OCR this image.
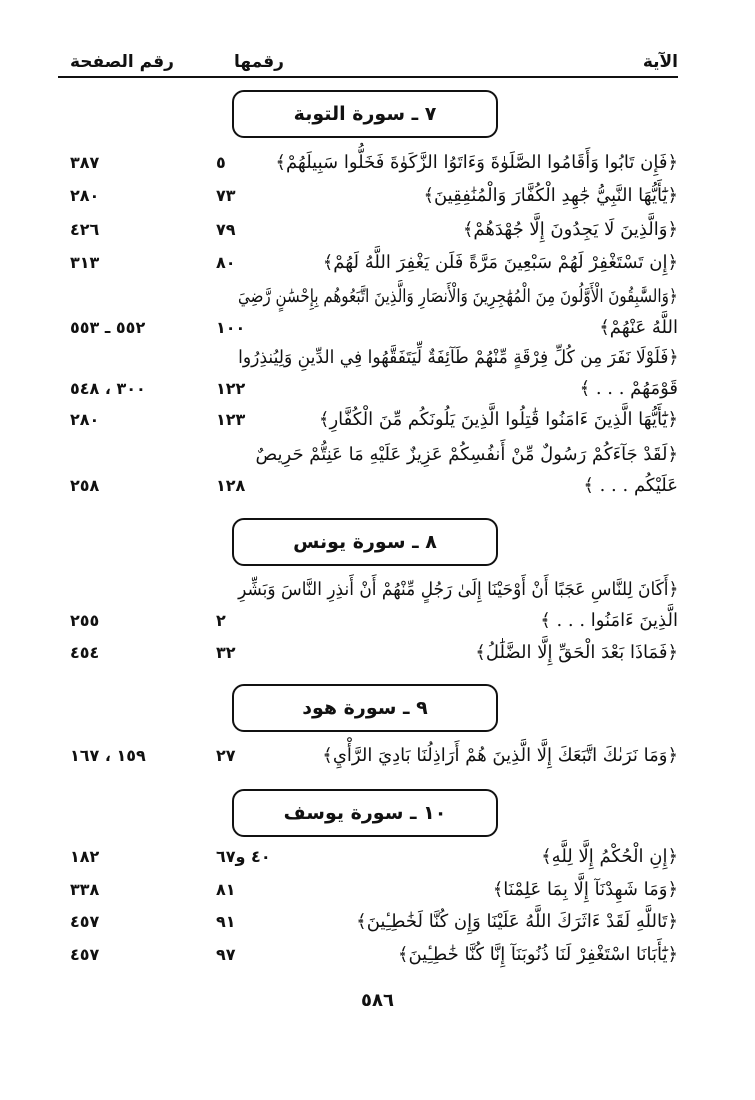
الآية
رقمها
رقم الصفحة
٧ ـ سورة التوبة
﴿فَإِن تَابُوا وَأَقَامُوا الصَّلَوٰةَ وَءَاتَوُا الزَّكَوٰةَ فَخَلُّوا سَبِيلَهُمْ﴾
٥
٣٨٧
﴿يَٰٓأَيُّهَا النَّبِيُّ جَٰهِدِ الْكُفَّارَ وَالْمُنَٰفِقِينَ﴾
٧٣
٢٨٠
﴿وَالَّذِينَ لَا يَجِدُونَ إِلَّا جُهْدَهُمْ﴾
٧٩
٤٢٦
﴿إِن تَسْتَغْفِرْ لَهُمْ سَبْعِينَ مَرَّةً فَلَن يَغْفِرَ اللَّهُ لَهُمْ﴾
٨٠
٣١٣
﴿وَالسَّٰبِقُونَ الْأَوَّلُونَ مِنَ الْمُهَٰجِرِينَ وَالْأَنصَارِ وَالَّذِينَ اتَّبَعُوهُم بِإِحْسَٰنٍ رَّضِيَ
اللَّهُ عَنْهُمْ﴾
١٠٠
٥٥٢ ـ ٥٥٣
﴿فَلَوْلَا نَفَرَ مِن كُلِّ فِرْقَةٍ مِّنْهُمْ طَآئِفَةٌ لِّيَتَفَقَّهُوا فِي الدِّينِ وَلِيُنذِرُوا
قَوْمَهُمْ . . . ﴾
١٢٢
٣٠٠ ، ٥٤٨
﴿يَٰٓأَيُّهَا الَّذِينَ ءَامَنُوا قَٰتِلُوا الَّذِينَ يَلُونَكُم مِّنَ الْكُفَّارِ﴾
١٢٣
٢٨٠
﴿لَقَدْ جَآءَكُمْ رَسُولٌ مِّنْ أَنفُسِكُمْ عَزِيزٌ عَلَيْهِ مَا عَنِتُّمْ حَرِيصٌ
عَلَيْكُم . . . ﴾
١٢٨
٢٥٨
٨ ـ سورة يونس
﴿أَكَانَ لِلنَّاسِ عَجَبًا أَنْ أَوْحَيْنَا إِلَىٰ رَجُلٍ مِّنْهُمْ أَنْ أَنذِرِ النَّاسَ وَبَشِّرِ
الَّذِينَ ءَامَنُوا . . . ﴾
٢
٢٥٥
﴿فَمَاذَا بَعْدَ الْحَقِّ إِلَّا الضَّلَٰلُ﴾
٣٢
٤٥٤
٩ ـ سورة هود
﴿وَمَا نَرَىٰكَ اتَّبَعَكَ إِلَّا الَّذِينَ هُمْ أَرَاذِلُنَا بَادِيَ الرَّأْيِ﴾
٢٧
١٥٩ ، ١٦٧
١٠ ـ سورة يوسف
﴿إِنِ الْحُكْمُ إِلَّا لِلَّهِ﴾
٤٠ و٦٧
١٨٢
﴿وَمَا شَهِدْنَآ إِلَّا بِمَا عَلِمْنَا﴾
٨١
٣٣٨
﴿تَاللَّهِ لَقَدْ ءَاثَرَكَ اللَّهُ عَلَيْنَا وَإِن كُنَّا لَخَٰطِـِٔينَ﴾
٩١
٤٥٧
﴿يَٰٓأَبَانَا اسْتَغْفِرْ لَنَا ذُنُوبَنَآ إِنَّا كُنَّا خَٰطِـِٔينَ﴾
٩٧
٤٥٧
٥٨٦
